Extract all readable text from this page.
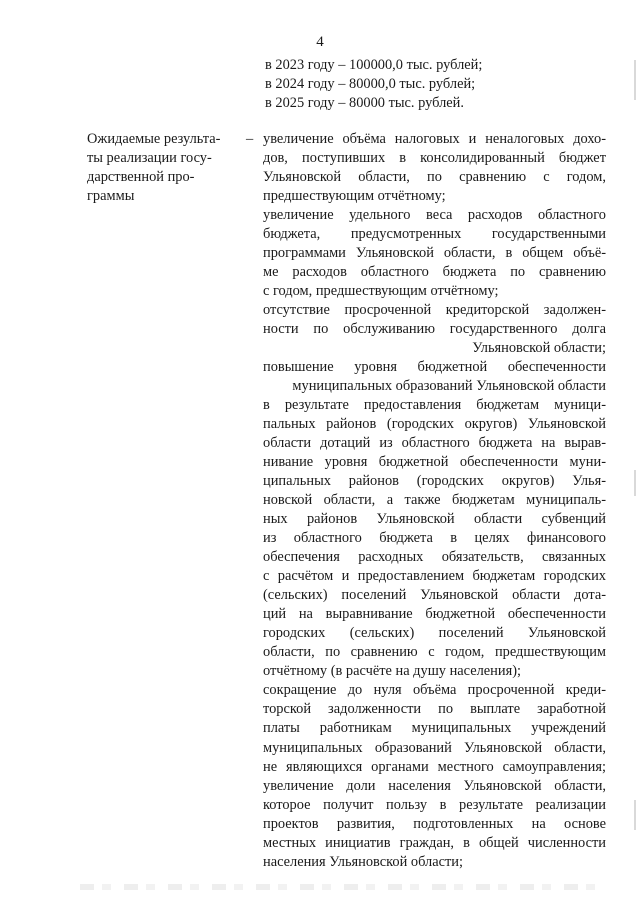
4
в 2023 году – 100000,0 тыс. рублей;
в 2024 году – 80000,0 тыс. рублей;
в 2025 году – 80000 тыс. рублей.
Ожидаемые результа-
ты реализации госу-
дарственной про-
граммы
– увеличение объёма налоговых и неналоговых дохо-
дов, поступивших в консолидированный бюджет
Ульяновской области, по сравнению с годом,
предшествующим отчётному;
увеличение удельного веса расходов областного
бюджета, предусмотренных государственными
программами Ульяновской области, в общем объё-
ме расходов областного бюджета по сравнению
с годом, предшествующим отчётному;
отсутствие просроченной кредиторской задолжен-
ности по обслуживанию государственного долга
Ульяновской области;
повышение уровня бюджетной обеспеченности
муниципальных образований Ульяновской области
в результате предоставления бюджетам муници-
пальных районов (городских округов) Ульяновской
области дотаций из областного бюджета на вырав-
нивание уровня бюджетной обеспеченности муни-
ципальных районов (городских округов) Улья-
новской области, а также бюджетам муниципаль-
ных районов Ульяновской области субвенций
из областного бюджета в целях финансового
обеспечения расходных обязательств, связанных
с расчётом и предоставлением бюджетам городских
(сельских) поселений Ульяновской области дота-
ций на выравнивание бюджетной обеспеченности
городских (сельских) поселений Ульяновской
области, по сравнению с годом, предшествующим
отчётному (в расчёте на душу населения);
сокращение до нуля объёма просроченной креди-
торской задолженности по выплате заработной
платы работникам муниципальных учреждений
муниципальных образований Ульяновской области,
не являющихся органами местного самоуправления;
увеличение доли населения Ульяновской области,
которое получит пользу в результате реализации
проектов развития, подготовленных на основе
местных инициатив граждан, в общей численности
населения Ульяновской области;
